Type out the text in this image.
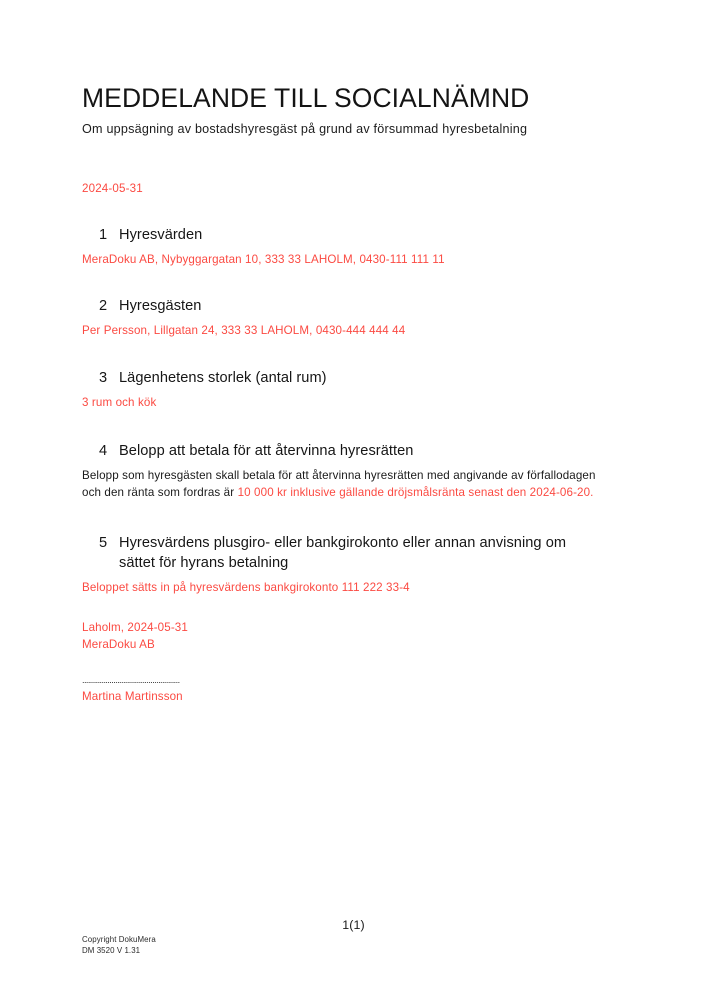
MEDDELANDE TILL SOCIALNÄMND

Om uppsägning av bostadshyresgäst på grund av försummad hyresbetalning

2024-05-31

1 Hyresvärden

MeraDoku AB, Nybyggargatan 10, 333 33 LAHOLM, 0430-111 111 11

2 Hyresgästen

Per Persson, Lillgatan 24, 333 33 LAHOLM, 0430-444 444 44

3 Lägenhetens storlek (antal rum)

3 rum och kök

4 Belopp att betala för att återvinna hyresrätten

Belopp som hyresgästen skall betala för att återvinna hyresrätten med angivande av förfallodagen och den ränta som fordras är 10 000 kr inklusive gällande dröjsmålsränta senast den 2024-06-20.

5 Hyresvärdens plusgiro- eller bankgirokonto eller annan anvisning om sättet för hyrans betalning

Beloppet sätts in på hyresvärdens bankgirokonto 111 222 33-4

Laholm, 2024-05-31
MeraDoku AB
..................................................
Martina Martinsson
1(1)
Copyright DokuMera
DM 3520 V 1.31
